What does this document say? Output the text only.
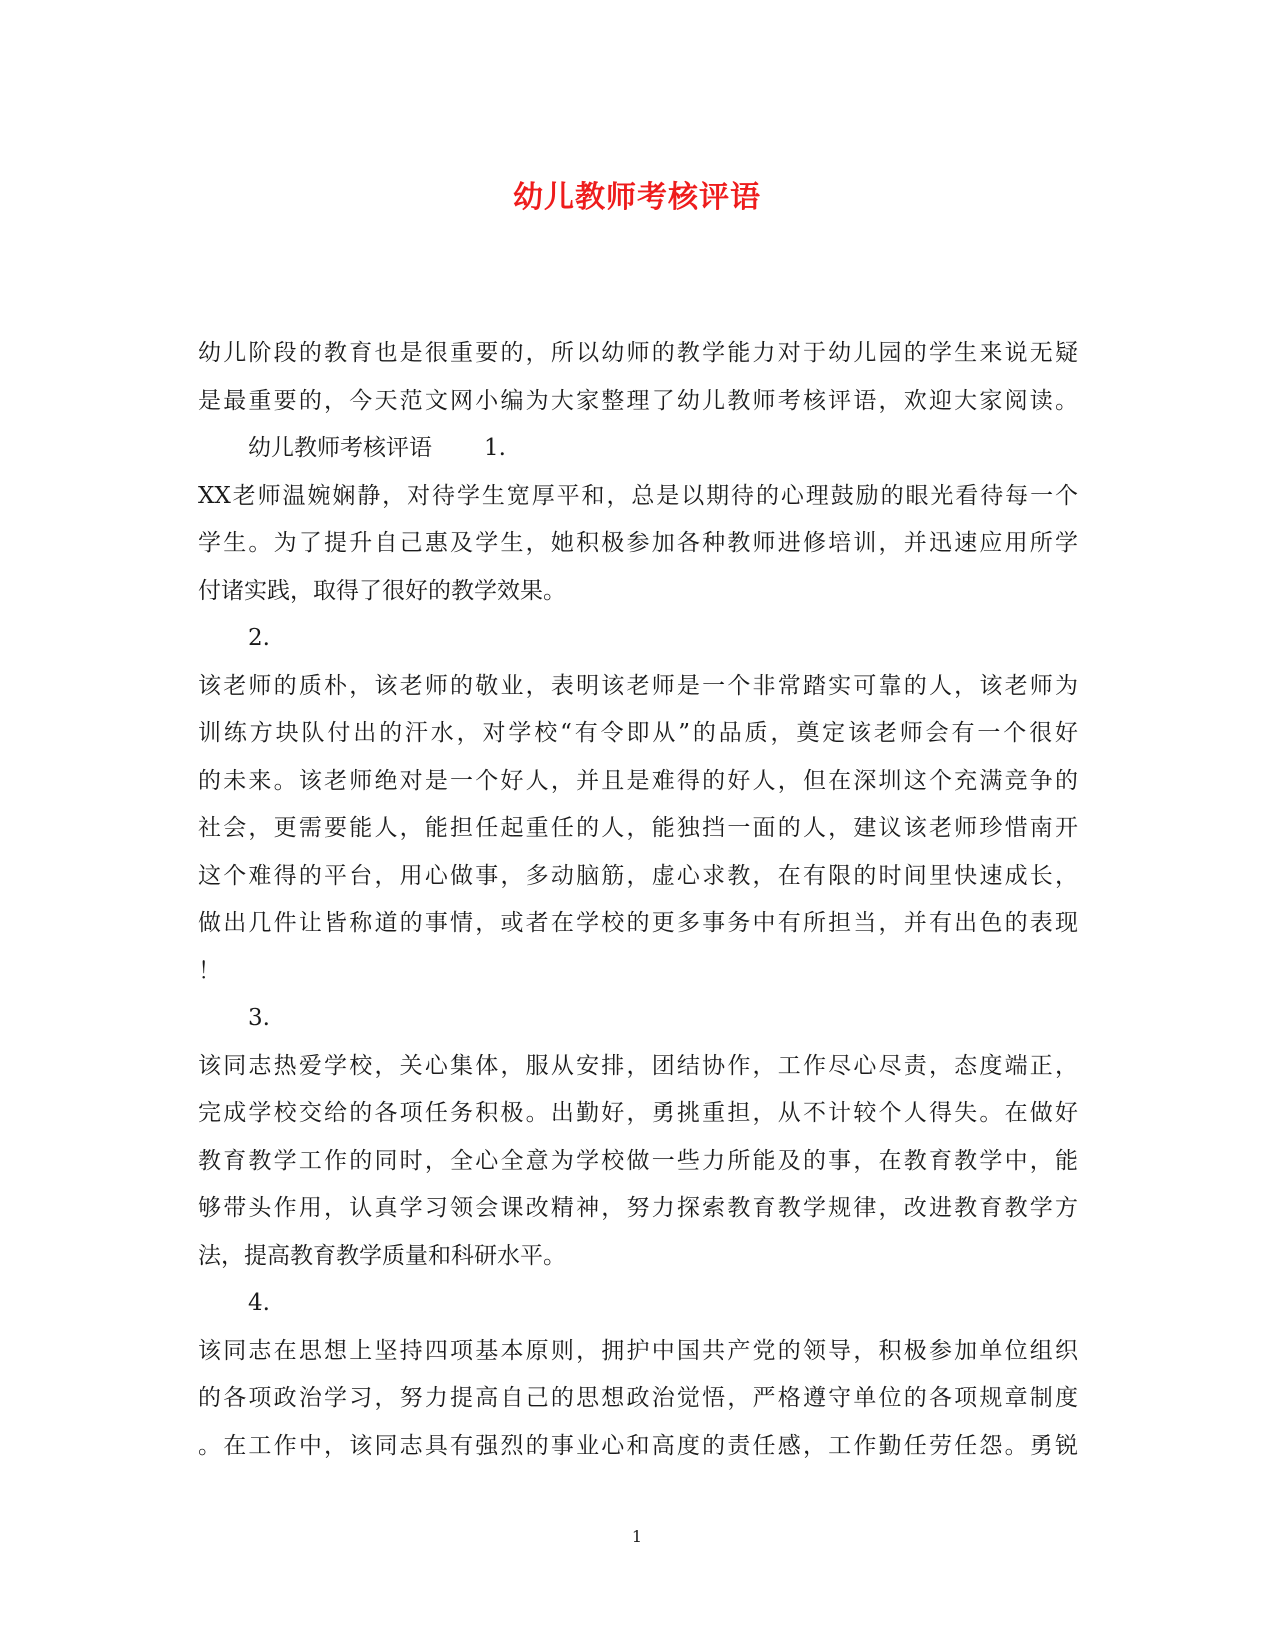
幼儿教师考核评语
幼儿阶段的教育也是很重要的，所以幼师的教学能力对于幼儿园的学生来说无疑
是最重要的，今天范文网小编为大家整理了幼儿教师考核评语，欢迎大家阅读。
幼儿教师考核评语 1.
XX老师温婉娴静，对待学生宽厚平和，总是以期待的心理鼓励的眼光看待每一个
学生。为了提升自己惠及学生，她积极参加各种教师进修培训，并迅速应用所学
付诸实践，取得了很好的教学效果。
2.
该老师的质朴，该老师的敬业，表明该老师是一个非常踏实可靠的人，该老师为
训练方块队付出的汗水，对学校“有令即从”的品质，奠定该老师会有一个很好
的未来。该老师绝对是一个好人，并且是难得的好人，但在深圳这个充满竞争的
社会，更需要能人，能担任起重任的人，能独挡一面的人，建议该老师珍惜南开
这个难得的平台，用心做事，多动脑筋，虚心求教，在有限的时间里快速成长，
做出几件让皆称道的事情，或者在学校的更多事务中有所担当，并有出色的表现
！
3.
该同志热爱学校，关心集体，服从安排，团结协作，工作尽心尽责，态度端正，
完成学校交给的各项任务积极。出勤好，勇挑重担，从不计较个人得失。在做好
教育教学工作的同时，全心全意为学校做一些力所能及的事，在教育教学中，能
够带头作用，认真学习领会课改精神，努力探索教育教学规律，改进教育教学方
法，提高教育教学质量和科研水平。
4.
该同志在思想上坚持四项基本原则，拥护中国共产党的领导，积极参加单位组织
的各项政治学习，努力提高自己的思想政治觉悟，严格遵守单位的各项规章制度
。在工作中，该同志具有强烈的事业心和高度的责任感，工作勤任劳任怨。勇锐
1
